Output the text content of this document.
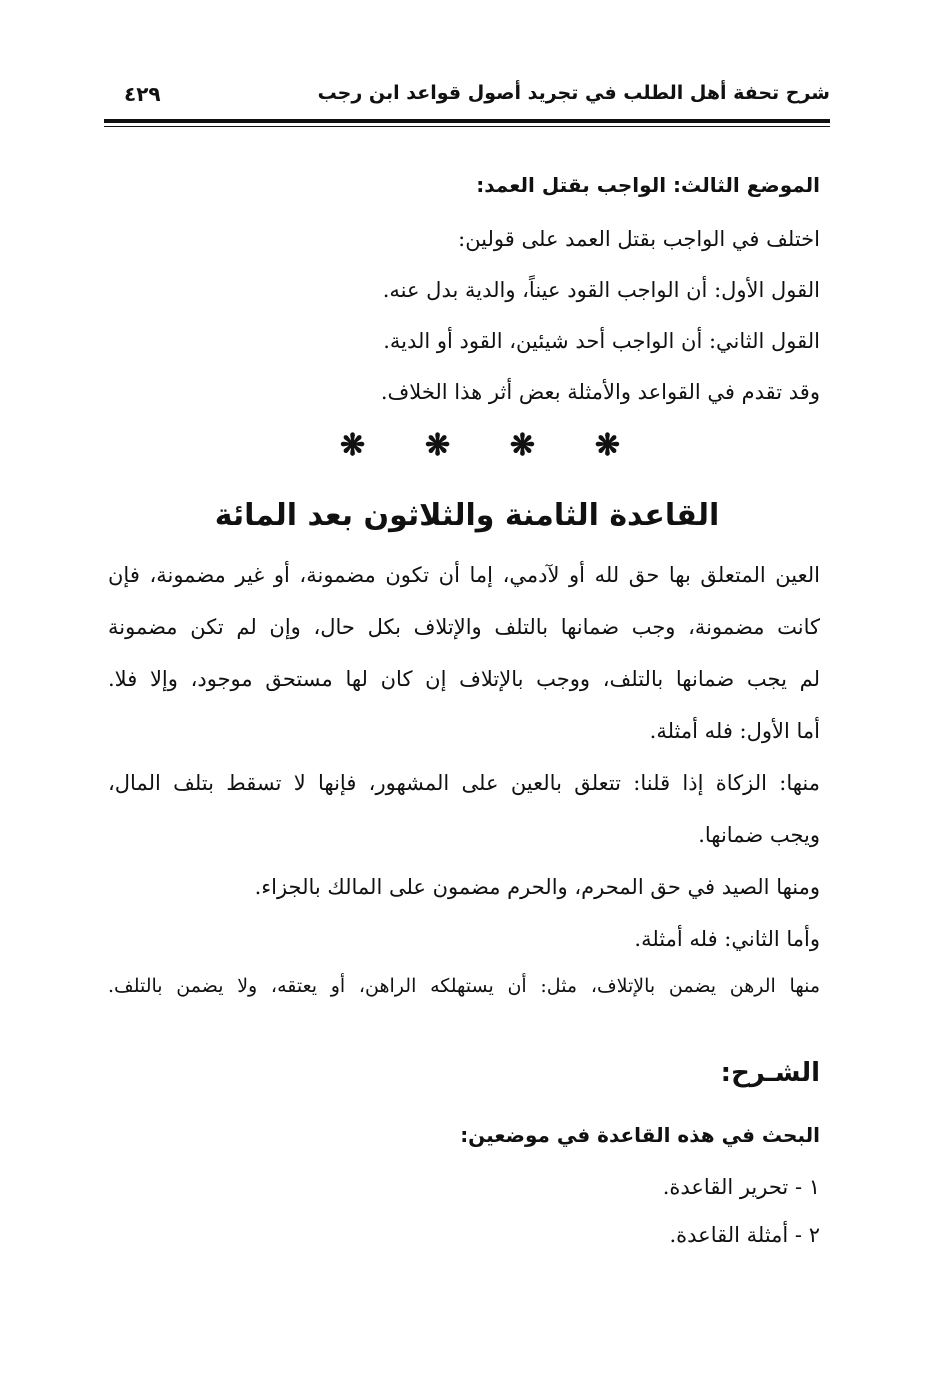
شرح تحفة أهل الطلب في تجريد أصول قواعد ابن رجب
٤٢٩
الموضع الثالث: الواجب بقتل العمد:
اختلف في الواجب بقتل العمد على قولين:
القول الأول: أن الواجب القود عيناً، والدية بدل عنه.
القول الثاني: أن الواجب أحد شيئين، القود أو الدية.
وقد تقدم في القواعد والأمثلة بعض أثر هذا الخلاف.
❋ ❋ ❋ ❋
القاعدة الثامنة والثلاثون بعد المائة
العين المتعلق بها حق لله أو لآدمي، إما أن تكون مضمونة، أو غير مضمونة، فإن
كانت مضمونة، وجب ضمانها بالتلف والإتلاف بكل حال، وإن لم تكن مضمونة
لم يجب ضمانها بالتلف، ووجب بالإتلاف إن كان لها مستحق موجود، وإلا فلا.
أما الأول: فله أمثلة.
منها: الزكاة إذا قلنا: تتعلق بالعين على المشهور، فإنها لا تسقط بتلف المال،
ويجب ضمانها.
ومنها الصيد في حق المحرم، والحرم مضمون على المالك بالجزاء.
وأما الثاني: فله أمثلة.
منها الرهن يضمن بالإتلاف، مثل: أن يستهلكه الراهن، أو يعتقه، ولا يضمن بالتلف.
الشـرح:
البحث في هذه القاعدة في موضعين:
١ - تحرير القاعدة.
٢ - أمثلة القاعدة.
